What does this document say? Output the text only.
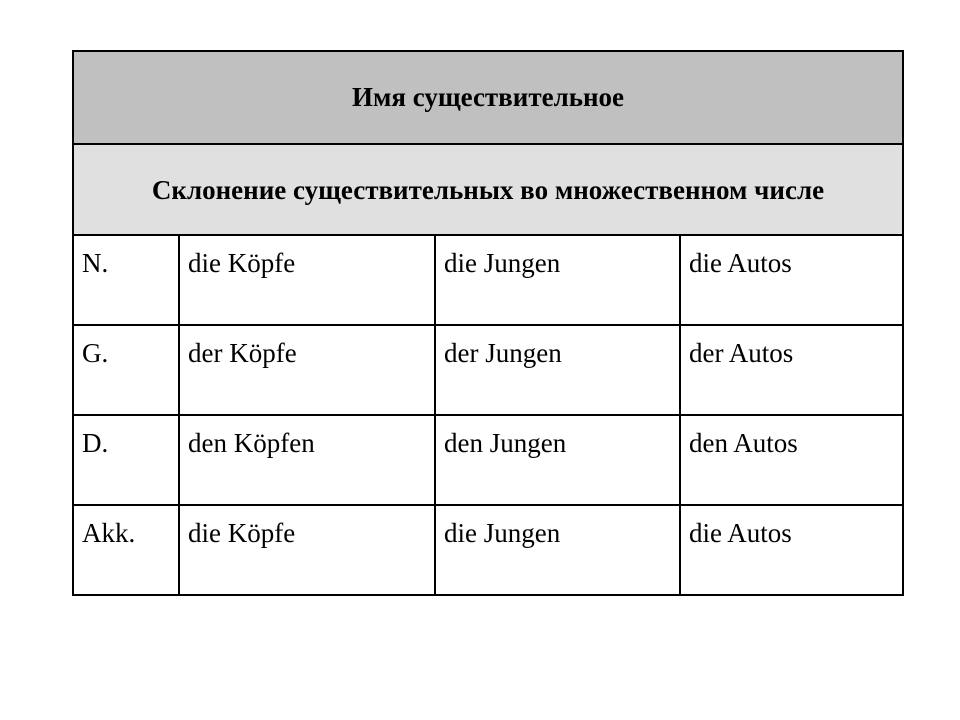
Имя существительное
Склонение существительных во множественном числе
N.	die Köpfe	die Jungen	die Autos
G.	der Köpfe	der Jungen	der Autos
D.	den Köpfen	den Jungen	den Autos
Akk.	die Köpfe	die Jungen	die Autos
